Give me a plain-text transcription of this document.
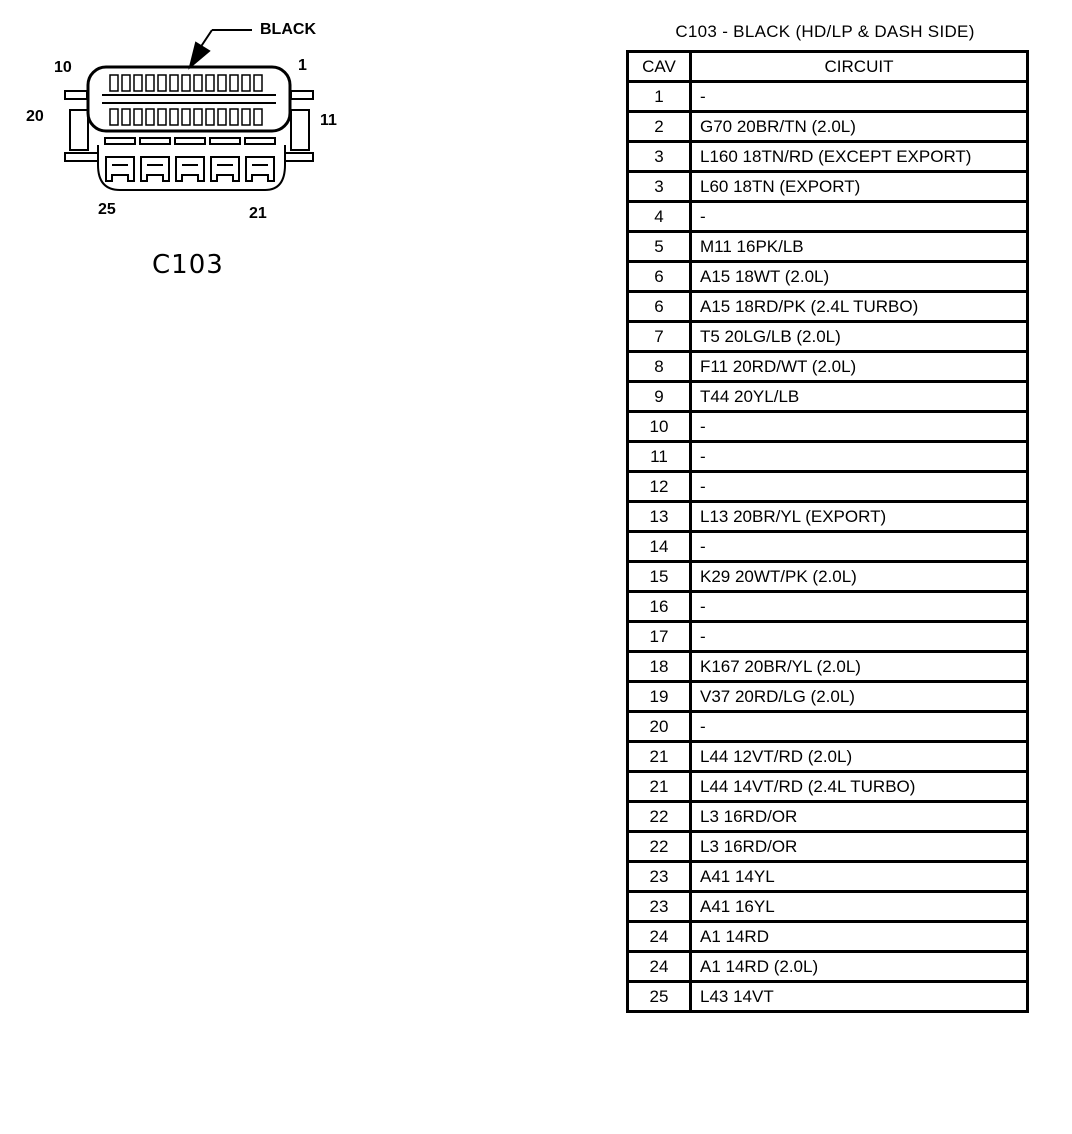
BLACK
10	1
20	11
25	21
C103
C103 - BLACK (HD/LP & DASH SIDE)
CAV	CIRCUIT
1	-
2	G70 20BR/TN (2.0L)
3	L160 18TN/RD (EXCEPT EXPORT)
3	L60 18TN (EXPORT)
4	-
5	M11 16PK/LB
6	A15 18WT (2.0L)
6	A15 18RD/PK (2.4L TURBO)
7	T5 20LG/LB (2.0L)
8	F11 20RD/WT (2.0L)
9	T44 20YL/LB
10	-
11	-
12	-
13	L13 20BR/YL (EXPORT)
14	-
15	K29 20WT/PK (2.0L)
16	-
17	-
18	K167 20BR/YL (2.0L)
19	V37 20RD/LG (2.0L)
20	-
21	L44 12VT/RD (2.0L)
21	L44 14VT/RD (2.4L TURBO)
22	L3 16RD/OR
22	L3 16RD/OR
23	A41 14YL
23	A41 16YL
24	A1 14RD
24	A1 14RD (2.0L)
25	L43 14VT
